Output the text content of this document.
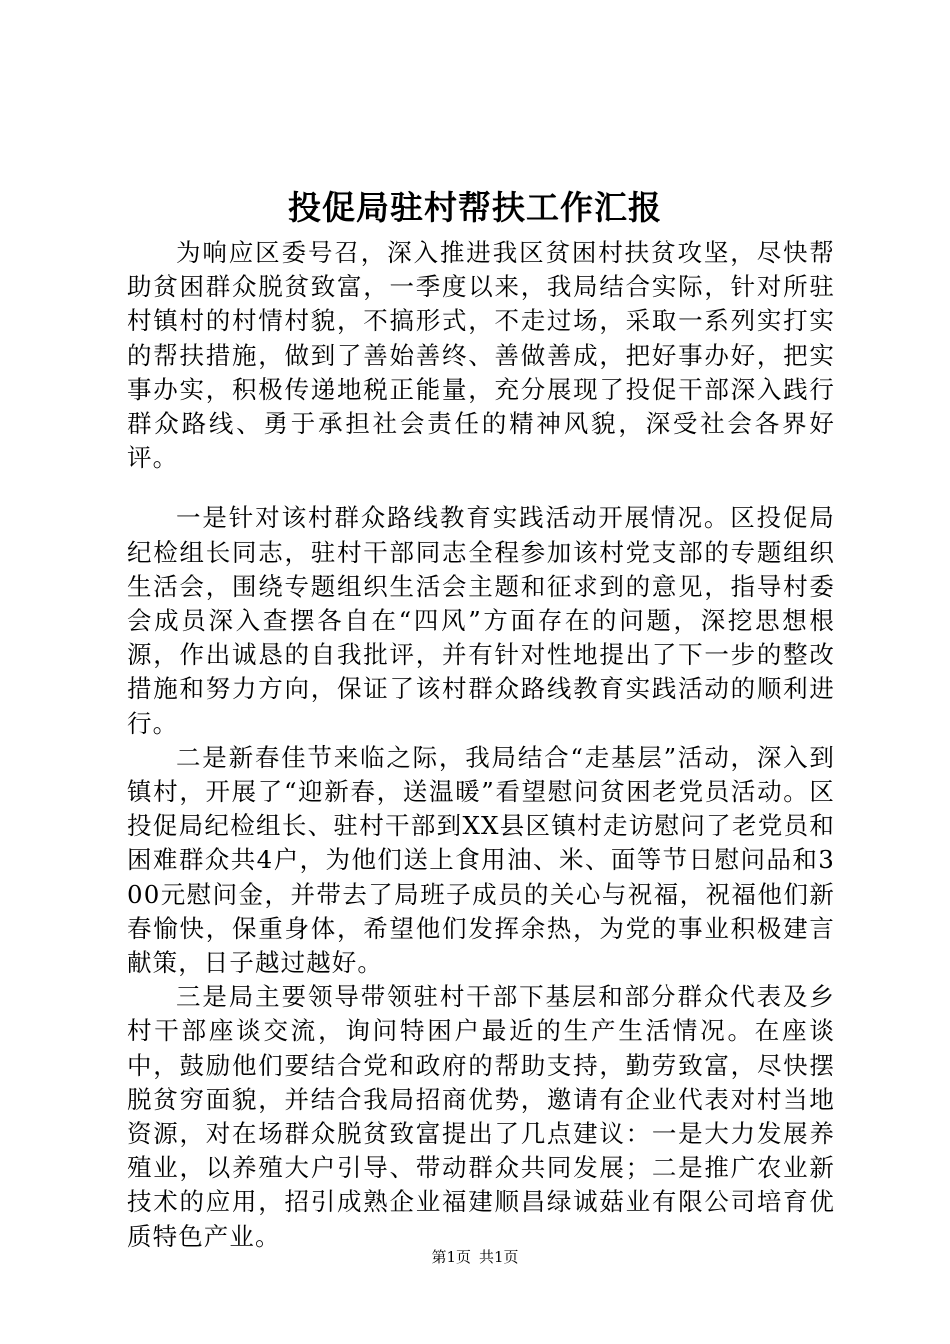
投促局驻村帮扶工作汇报

为响应区委号召，深入推进我区贫困村扶贫攻坚，尽快帮助贫困群众脱贫致富，一季度以来，我局结合实际，针对所驻村镇村的村情村貌，不搞形式，不走过场，采取一系列实打实的帮扶措施，做到了善始善终、善做善成，把好事办好，把实事办实，积极传递地税正能量，充分展现了投促干部深入践行群众路线、勇于承担社会责任的精神风貌，深受社会各界好评。

一是针对该村群众路线教育实践活动开展情况。区投促局纪检组长同志，驻村干部同志全程参加该村党支部的专题组织生活会，围绕专题组织生活会主题和征求到的意见，指导村委会成员深入查摆各自在“四风”方面存在的问题，深挖思想根源，作出诚恳的自我批评，并有针对性地提出了下一步的整改措施和努力方向，保证了该村群众路线教育实践活动的顺利进行。

二是新春佳节来临之际，我局结合“走基层”活动，深入到镇村，开展了“迎新春，送温暖”看望慰问贫困老党员活动。区投促局纪检组长、驻村干部到XX县区镇村走访慰问了老党员和困难群众共4户，为他们送上食用油、米、面等节日慰问品和300元慰问金，并带去了局班子成员的关心与祝福，祝福他们新春愉快，保重身体，希望他们发挥余热，为党的事业积极建言献策，日子越过越好。

三是局主要领导带领驻村干部下基层和部分群众代表及乡村干部座谈交流，询问特困户最近的生产生活情况。在座谈中，鼓励他们要结合党和政府的帮助支持，勤劳致富，尽快摆脱贫穷面貌，并结合我局招商优势，邀请有企业代表对村当地资源，对在场群众脱贫致富提出了几点建议：一是大力发展养殖业，以养殖大户引导、带动群众共同发展；二是推广农业新技术的应用，招引成熟企业福建顺昌绿诚菇业有限公司培育优质特色产业。

第1页 共1页
